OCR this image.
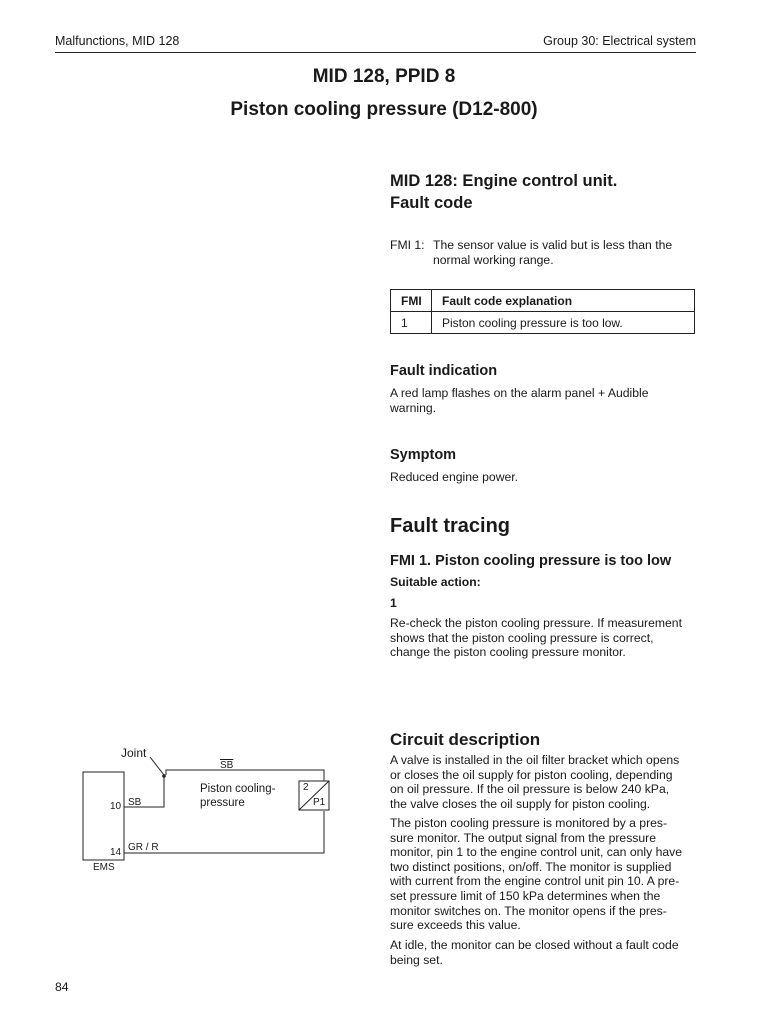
Malfunctions, MID 128	Group 30: Electrical system
MID 128, PPID 8
Piston cooling pressure (D12-800)
MID 128: Engine control unit.
Fault code
FMI 1: The sensor value is valid but is less than the
normal working range.
FMI	Fault code explanation
1	Piston cooling pressure is too low.
Fault indication
A red lamp flashes on the alarm panel + Audible
warning.
Symptom
Reduced engine power.
Fault tracing
FMI 1. Piston cooling pressure is too low
Suitable action:
1
Re-check the piston cooling pressure. If measurement
shows that the piston cooling pressure is correct,
change the piston cooling pressure monitor.
Circuit description
A valve is installed in the oil filter bracket which opens
or closes the oil supply for piston cooling, depending
on oil pressure. If the oil pressure is below 240 kPa,
the valve closes the oil supply for piston cooling.
The piston cooling pressure is monitored by a pres-
sure monitor. The output signal from the pressure
monitor, pin 1 to the engine control unit, can only have
two distinct positions, on/off. The monitor is supplied
with current from the engine control unit pin 10. A pre-
set pressure limit of 150 kPa determines when the
monitor switches on. The monitor opens if the pres-
sure exceeds this value.
At idle, the monitor can be closed without a fault code
being set.
Joint
$\overline{SB}$
10 SB
Piston cooling-
pressure
2
P1
14 GR / R
EMS
84
